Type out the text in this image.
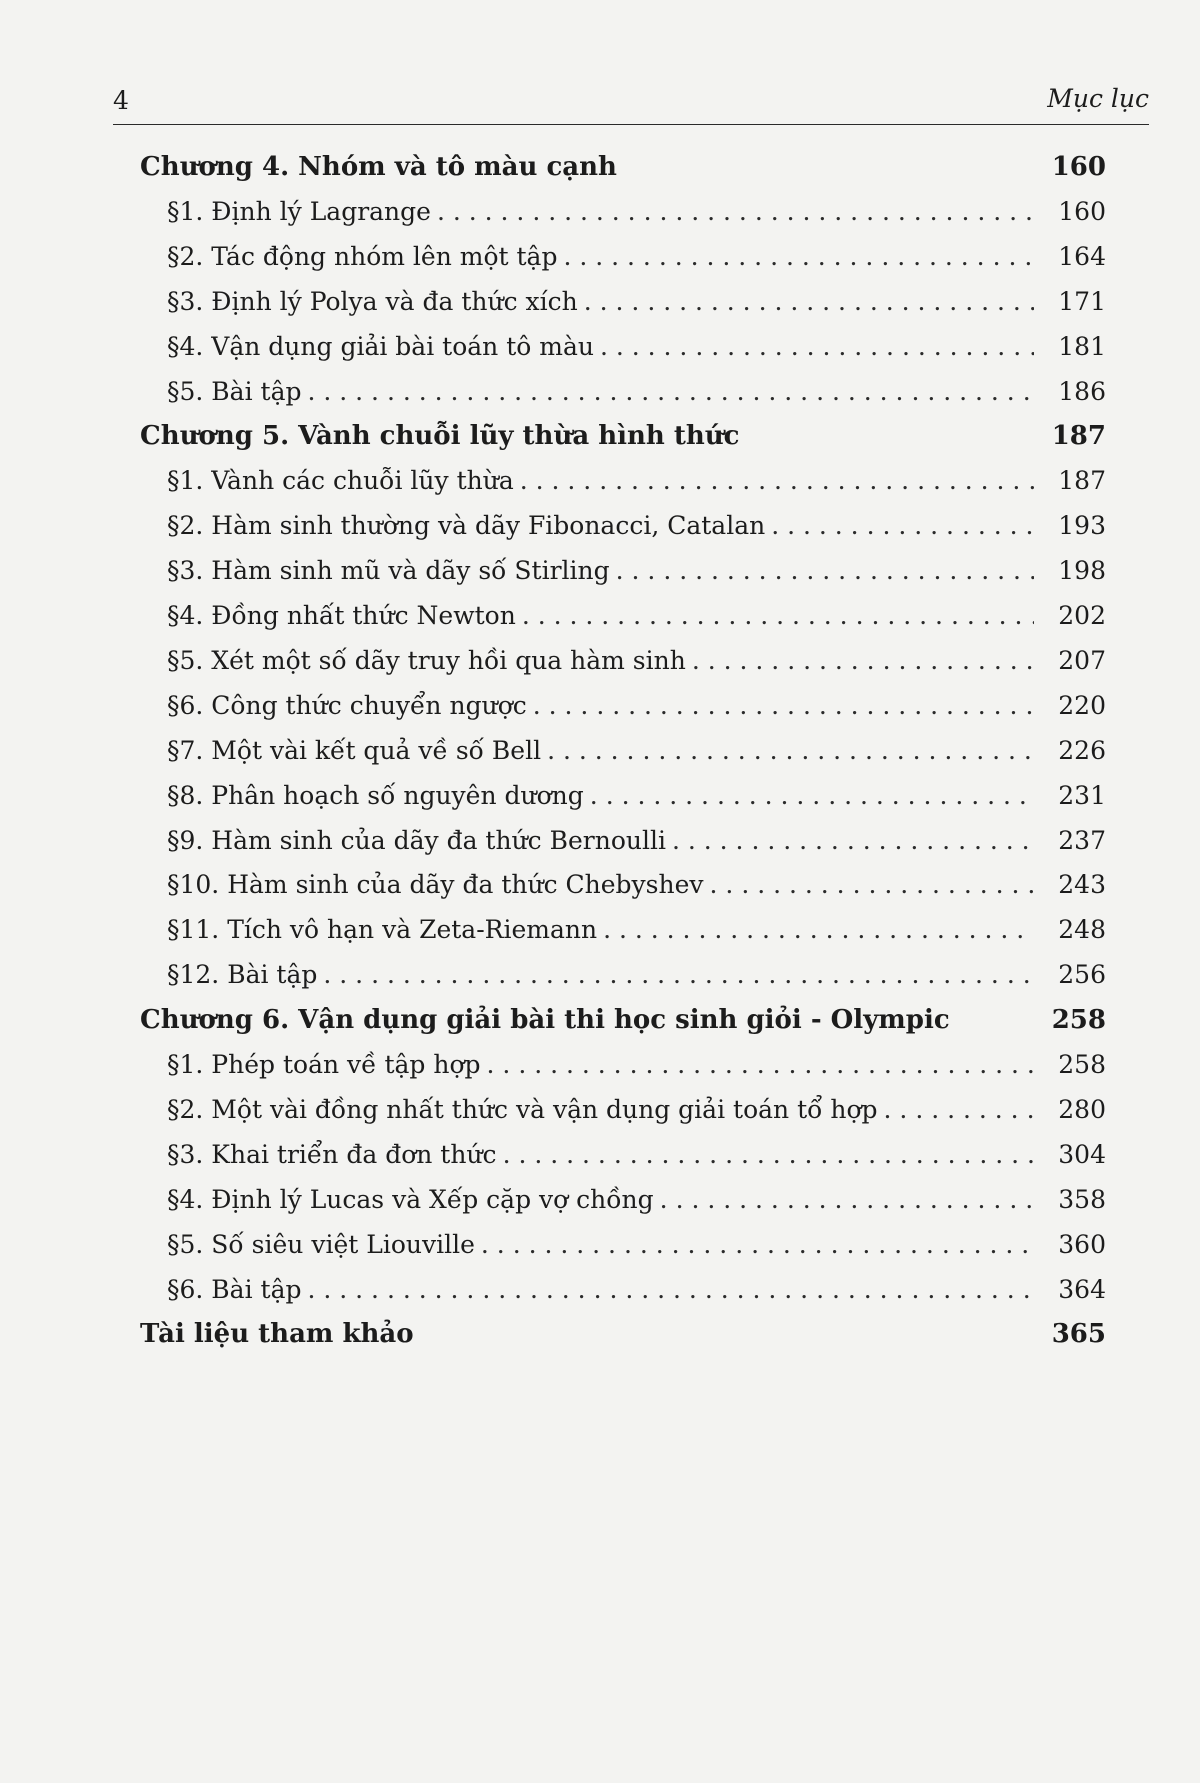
4	Mục lục
Chương 4. Nhóm và tô màu cạnh	160
§1. Định lý Lagrange . . .	160
§2. Tác động nhóm lên một tập . . .	164
§3. Định lý Polya và đa thức xích . . .	171
§4. Vận dụng giải bài toán tô màu . . .	181
§5. Bài tập . . .	186
Chương 5. Vành chuỗi lũy thừa hình thức	187
§1. Vành các chuỗi lũy thừa . . .	187
§2. Hàm sinh thường và dãy Fibonacci, Catalan . . .	193
§3. Hàm sinh mũ và dãy số Stirling . . .	198
§4. Đồng nhất thức Newton . . .	202
§5. Xét một số dãy truy hồi qua hàm sinh . . .	207
§6. Công thức chuyển ngược . . .	220
§7. Một vài kết quả về số Bell . . .	226
§8. Phân hoạch số nguyên dương . . .	231
§9. Hàm sinh của dãy đa thức Bernoulli . . .	237
§10. Hàm sinh của dãy đa thức Chebyshev . . .	243
§11. Tích vô hạn và Zeta-Riemann . . .	248
§12. Bài tập . . .	256
Chương 6. Vận dụng giải bài thi học sinh giỏi - Olympic	258
§1. Phép toán về tập hợp . . .	258
§2. Một vài đồng nhất thức và vận dụng giải toán tổ hợp . . .	280
§3. Khai triển đa đơn thức . . .	304
§4. Định lý Lucas và Xếp cặp vợ chồng . . .	358
§5. Số siêu việt Liouville . . .	360
§6. Bài tập . . .	364
Tài liệu tham khảo	365
